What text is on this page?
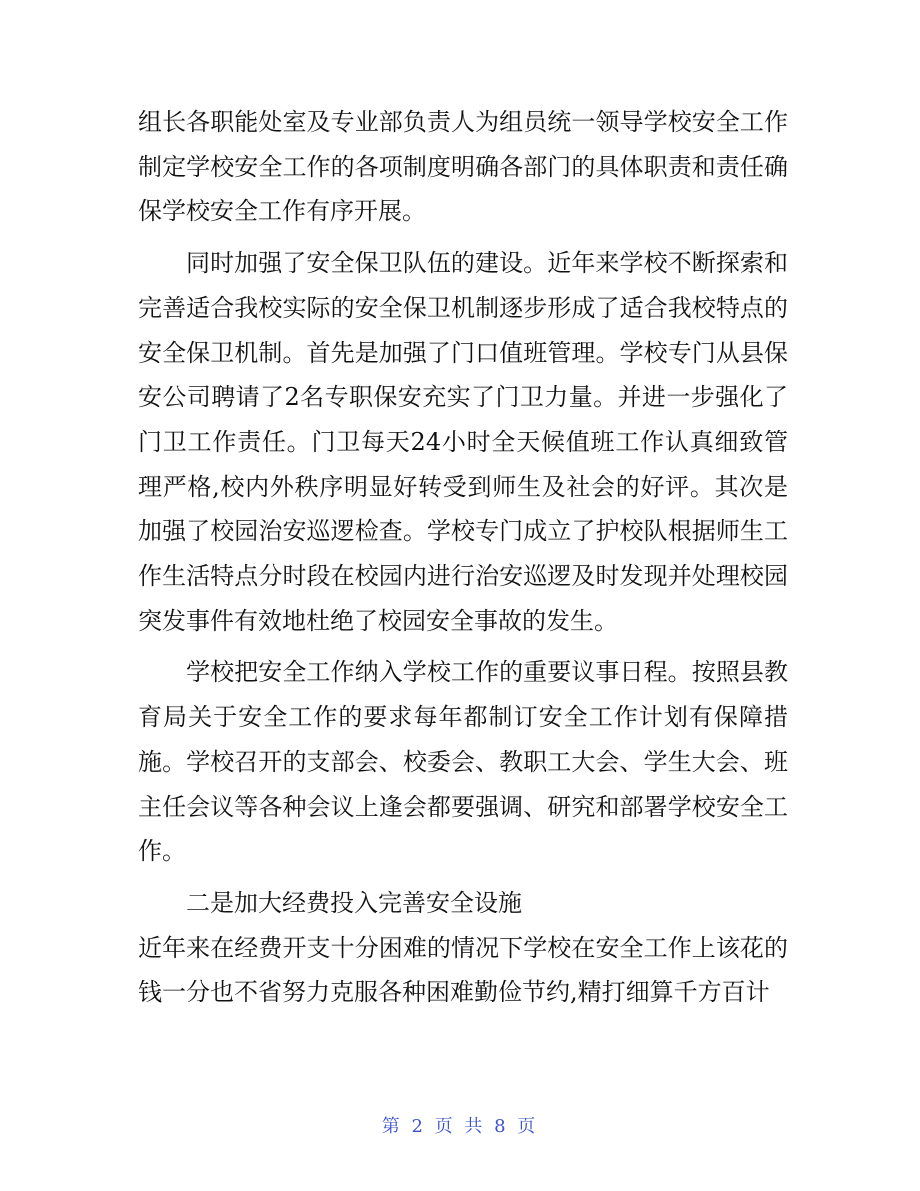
组长各职能处室及专业部负责人为组员统一领导学校安全工作制定学校安全工作的各项制度明确各部门的具体职责和责任确保学校安全工作有序开展。

同时加强了安全保卫队伍的建设。近年来学校不断探索和完善适合我校实际的安全保卫机制逐步形成了适合我校特点的安全保卫机制。首先是加强了门口值班管理。学校专门从县保安公司聘请了2名专职保安充实了门卫力量。并进一步强化了门卫工作责任。门卫每天24小时全天候值班工作认真细致管理严格,校内外秩序明显好转受到师生及社会的好评。其次是加强了校园治安巡逻检查。学校专门成立了护校队根据师生工作生活特点分时段在校园内进行治安巡逻及时发现并处理校园突发事件有效地杜绝了校园安全事故的发生。

学校把安全工作纳入学校工作的重要议事日程。按照县教育局关于安全工作的要求每年都制订安全工作计划有保障措施。学校召开的支部会、校委会、教职工大会、学生大会、班主任会议等各种会议上逢会都要强调、研究和部署学校安全工作。

二是加大经费投入完善安全设施

近年来在经费开支十分困难的情况下学校在安全工作上该花的钱一分也不省努力克服各种困难勤俭节约,精打细算千方百计

第 2 页 共 8 页
